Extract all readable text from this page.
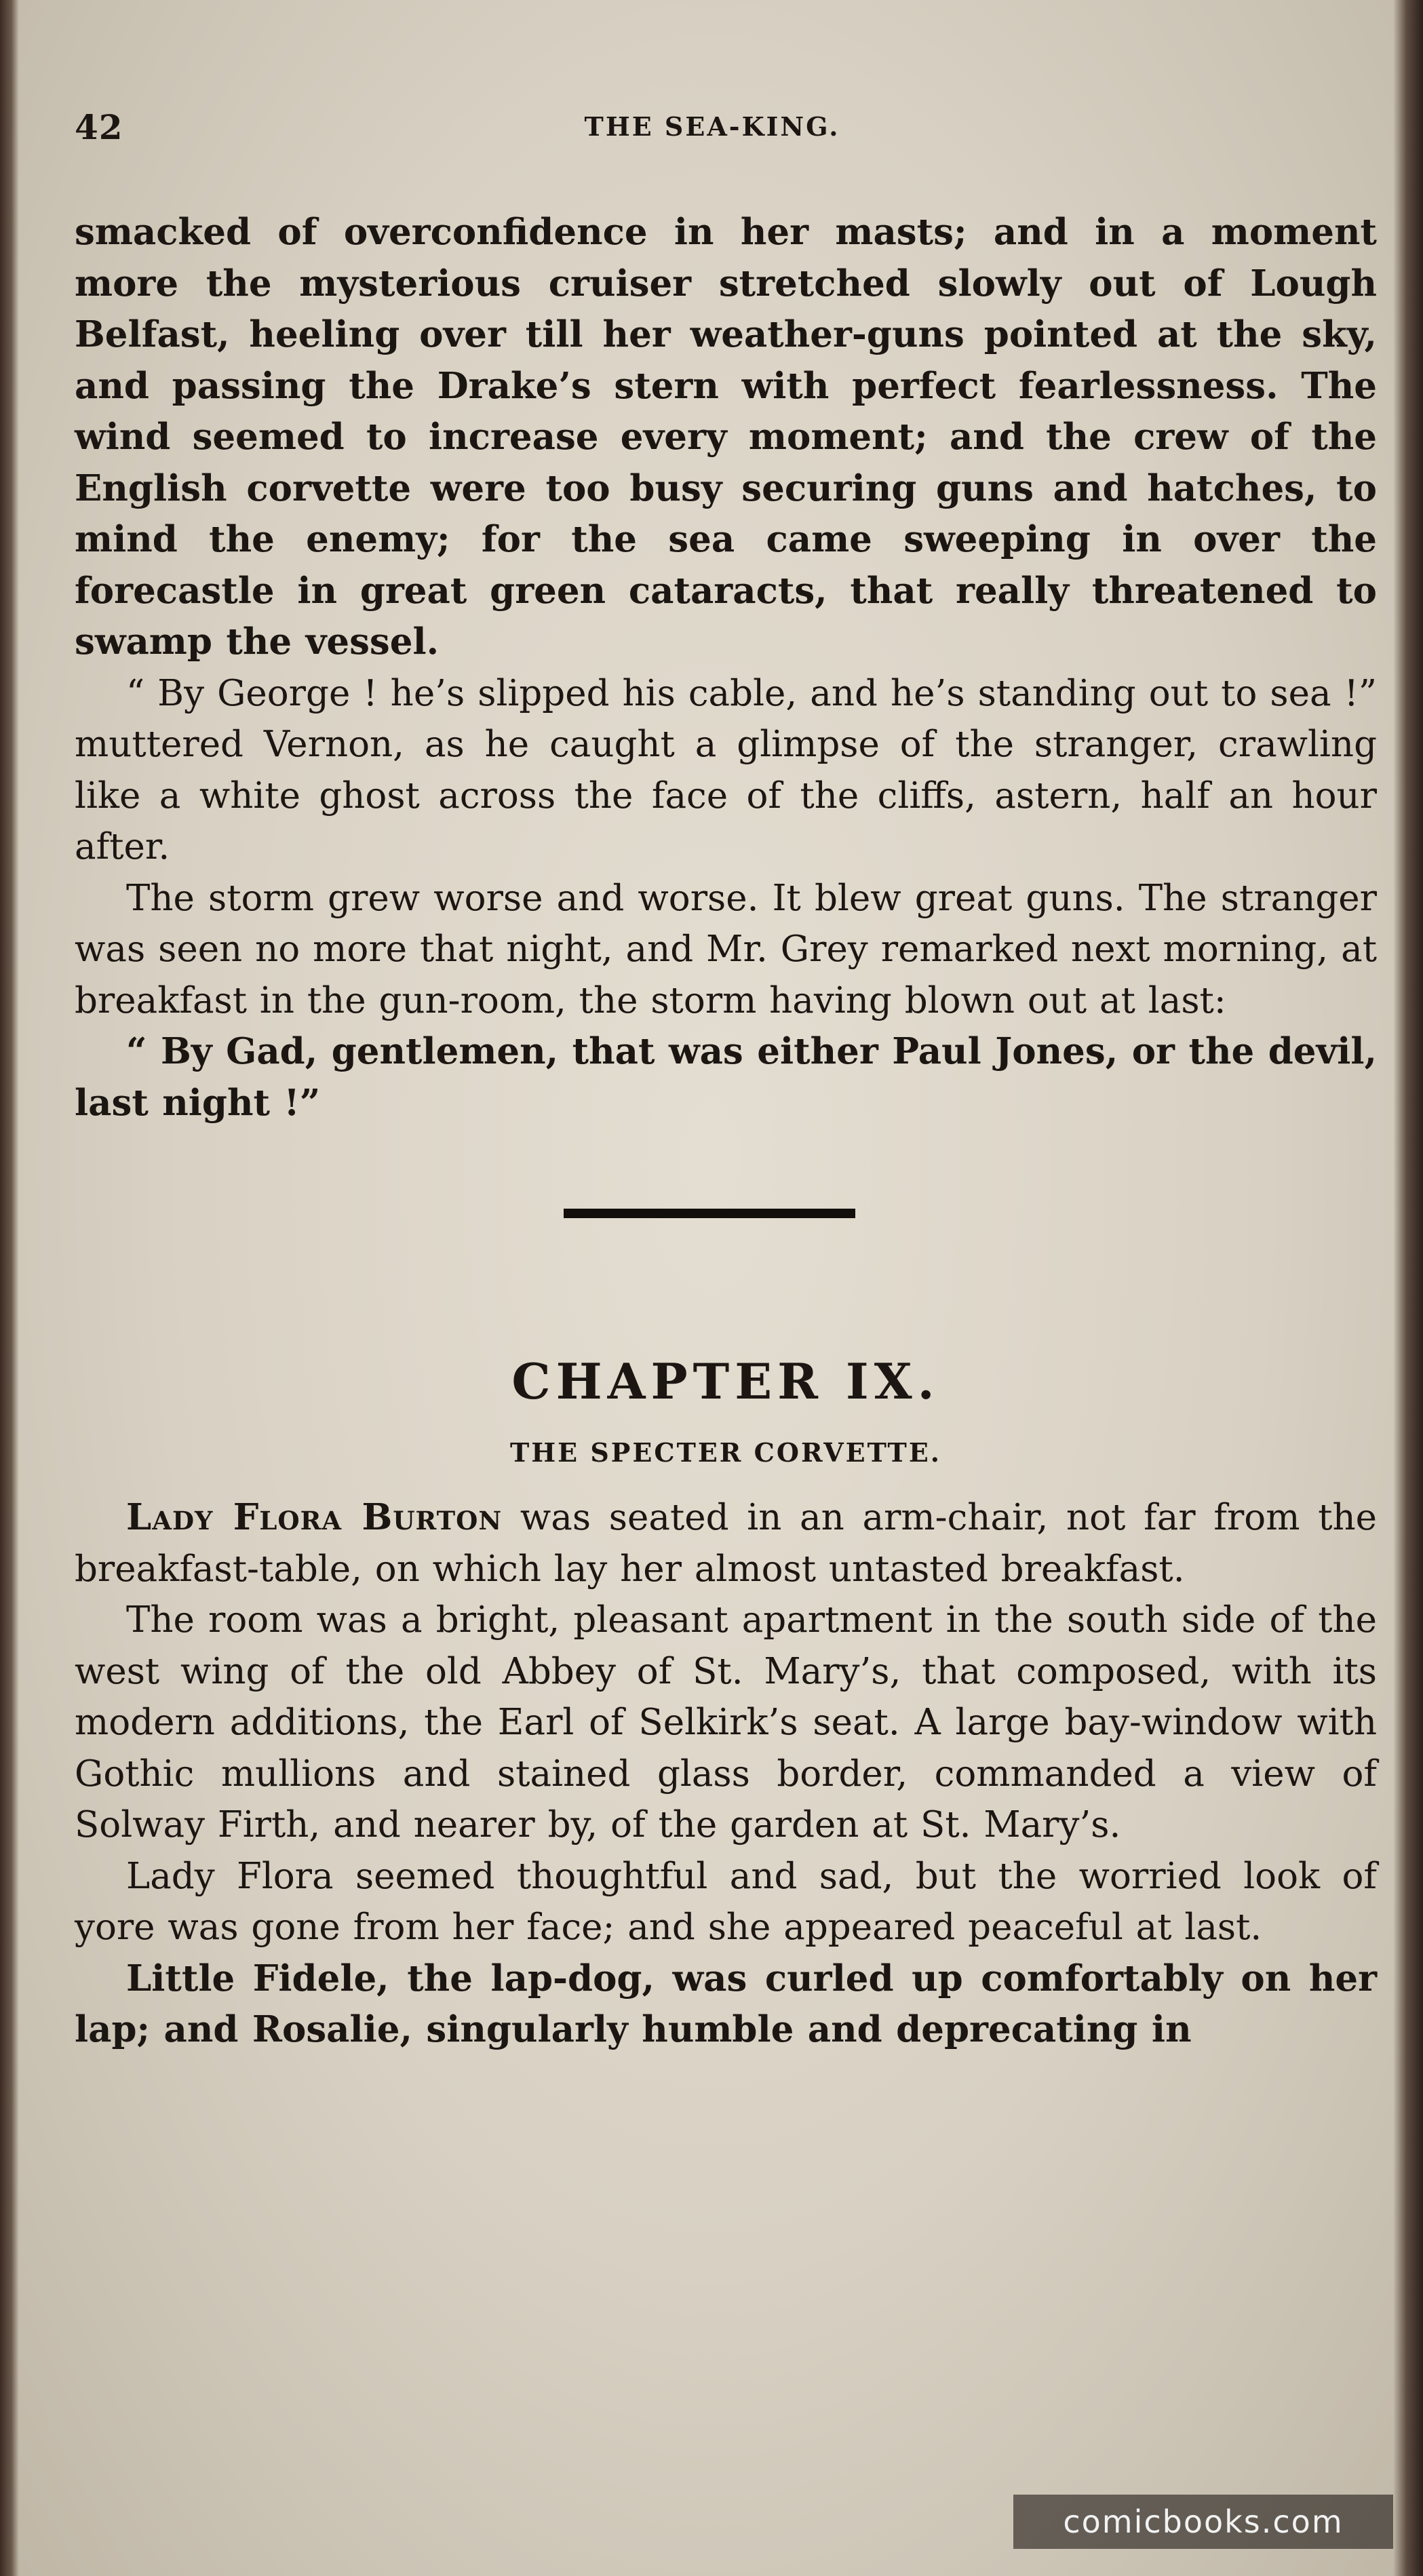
42	THE SEA-KING.

smacked of overconfidence in her masts; and in a moment more the mysterious cruiser stretched slowly out of Lough Belfast, heeling over till her weather-guns pointed at the sky, and passing the Drake’s stern with perfect fearlessness. The wind seemed to increase every moment; and the crew of the English corvette were too busy securing guns and hatches, to mind the enemy; for the sea came sweeping in over the forecastle in great green cataracts, that really threatened to swamp the vessel.

“ By George ! he’s slipped his cable, and he’s standing out to sea !” muttered Vernon, as he caught a glimpse of the stranger, crawling like a white ghost across the face of the cliffs, astern, half an hour after.

The storm grew worse and worse. It blew great guns. The stranger was seen no more that night, and Mr. Grey remarked next morning, at breakfast in the gun-room, the storm having blown out at last:

“ By Gad, gentlemen, that was either Paul Jones, or the devil, last night !”

CHAPTER IX.
THE SPECTER CORVETTE.

Lady Flora Burton was seated in an arm-chair, not far from the breakfast-table, on which lay her almost untasted breakfast.

The room was a bright, pleasant apartment in the south side of the west wing of the old Abbey of St. Mary’s, that composed, with its modern additions, the Earl of Selkirk’s seat. A large bay-window with Gothic mullions and stained glass border, commanded a view of Solway Firth, and nearer by, of the garden at St. Mary’s.

Lady Flora seemed thoughtful and sad, but the worried look of yore was gone from her face; and she appeared peaceful at last.

Little Fidele, the lap-dog, was curled up comfortably on her lap; and Rosalie, singularly humble and deprecating in

comicbooks.com
